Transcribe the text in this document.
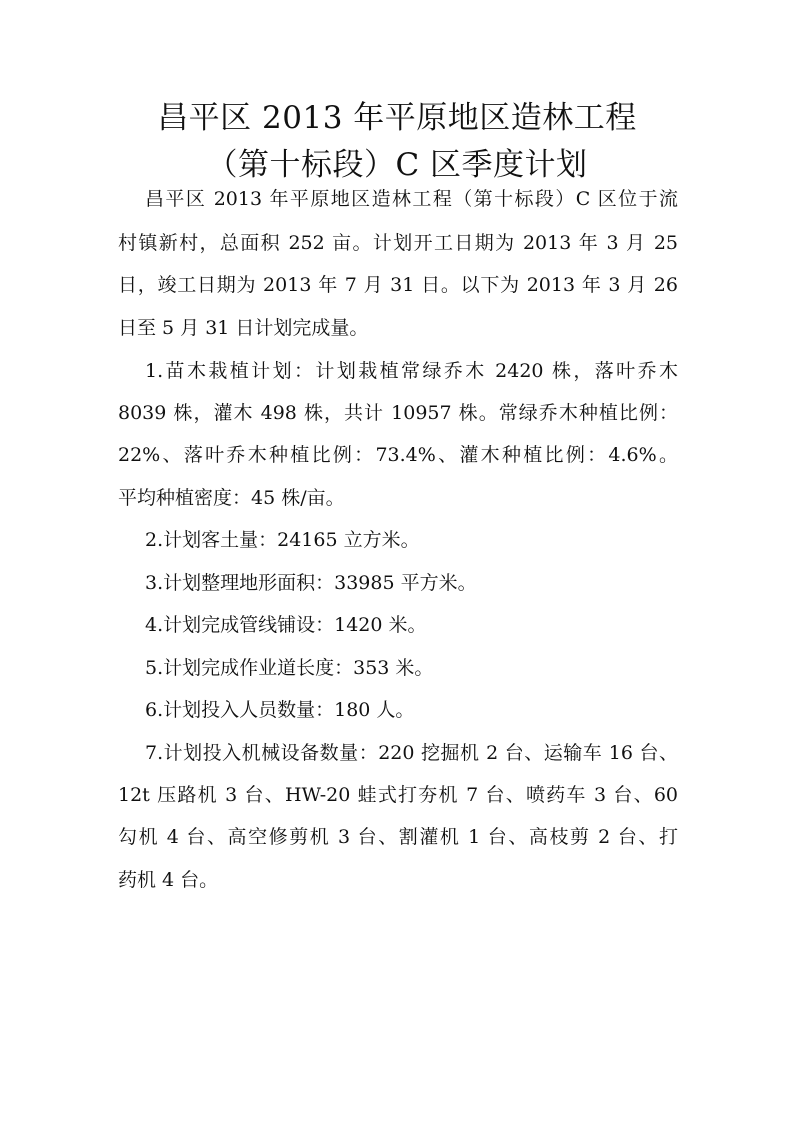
昌平区 2013 年平原地区造林工程
（第十标段）C 区季度计划
昌平区 2013 年平原地区造林工程（第十标段）C 区位于流
村镇新村，总面积 252 亩。计划开工日期为 2013 年 3 月 25
日，竣工日期为 2013 年 7 月 31 日。以下为 2013 年 3 月 26
日至 5 月 31 日计划完成量。
1.苗木栽植计划：计划栽植常绿乔木 2420 株，落叶乔木
8039 株，灌木 498 株，共计 10957 株。常绿乔木种植比例：
22%、落叶乔木种植比例：73.4%、灌木种植比例：4.6%。
平均种植密度：45 株/亩。
2.计划客土量：24165 立方米。
3.计划整理地形面积：33985 平方米。
4.计划完成管线铺设：1420 米。
5.计划完成作业道长度：353 米。
6.计划投入人员数量：180 人。
7.计划投入机械设备数量：220 挖掘机 2 台、运输车 16 台、
12t 压路机 3 台、HW-20 蛙式打夯机 7 台、喷药车 3 台、60
勾机 4 台、高空修剪机 3 台、割灌机 1 台、高枝剪 2 台、打
药机 4 台。
